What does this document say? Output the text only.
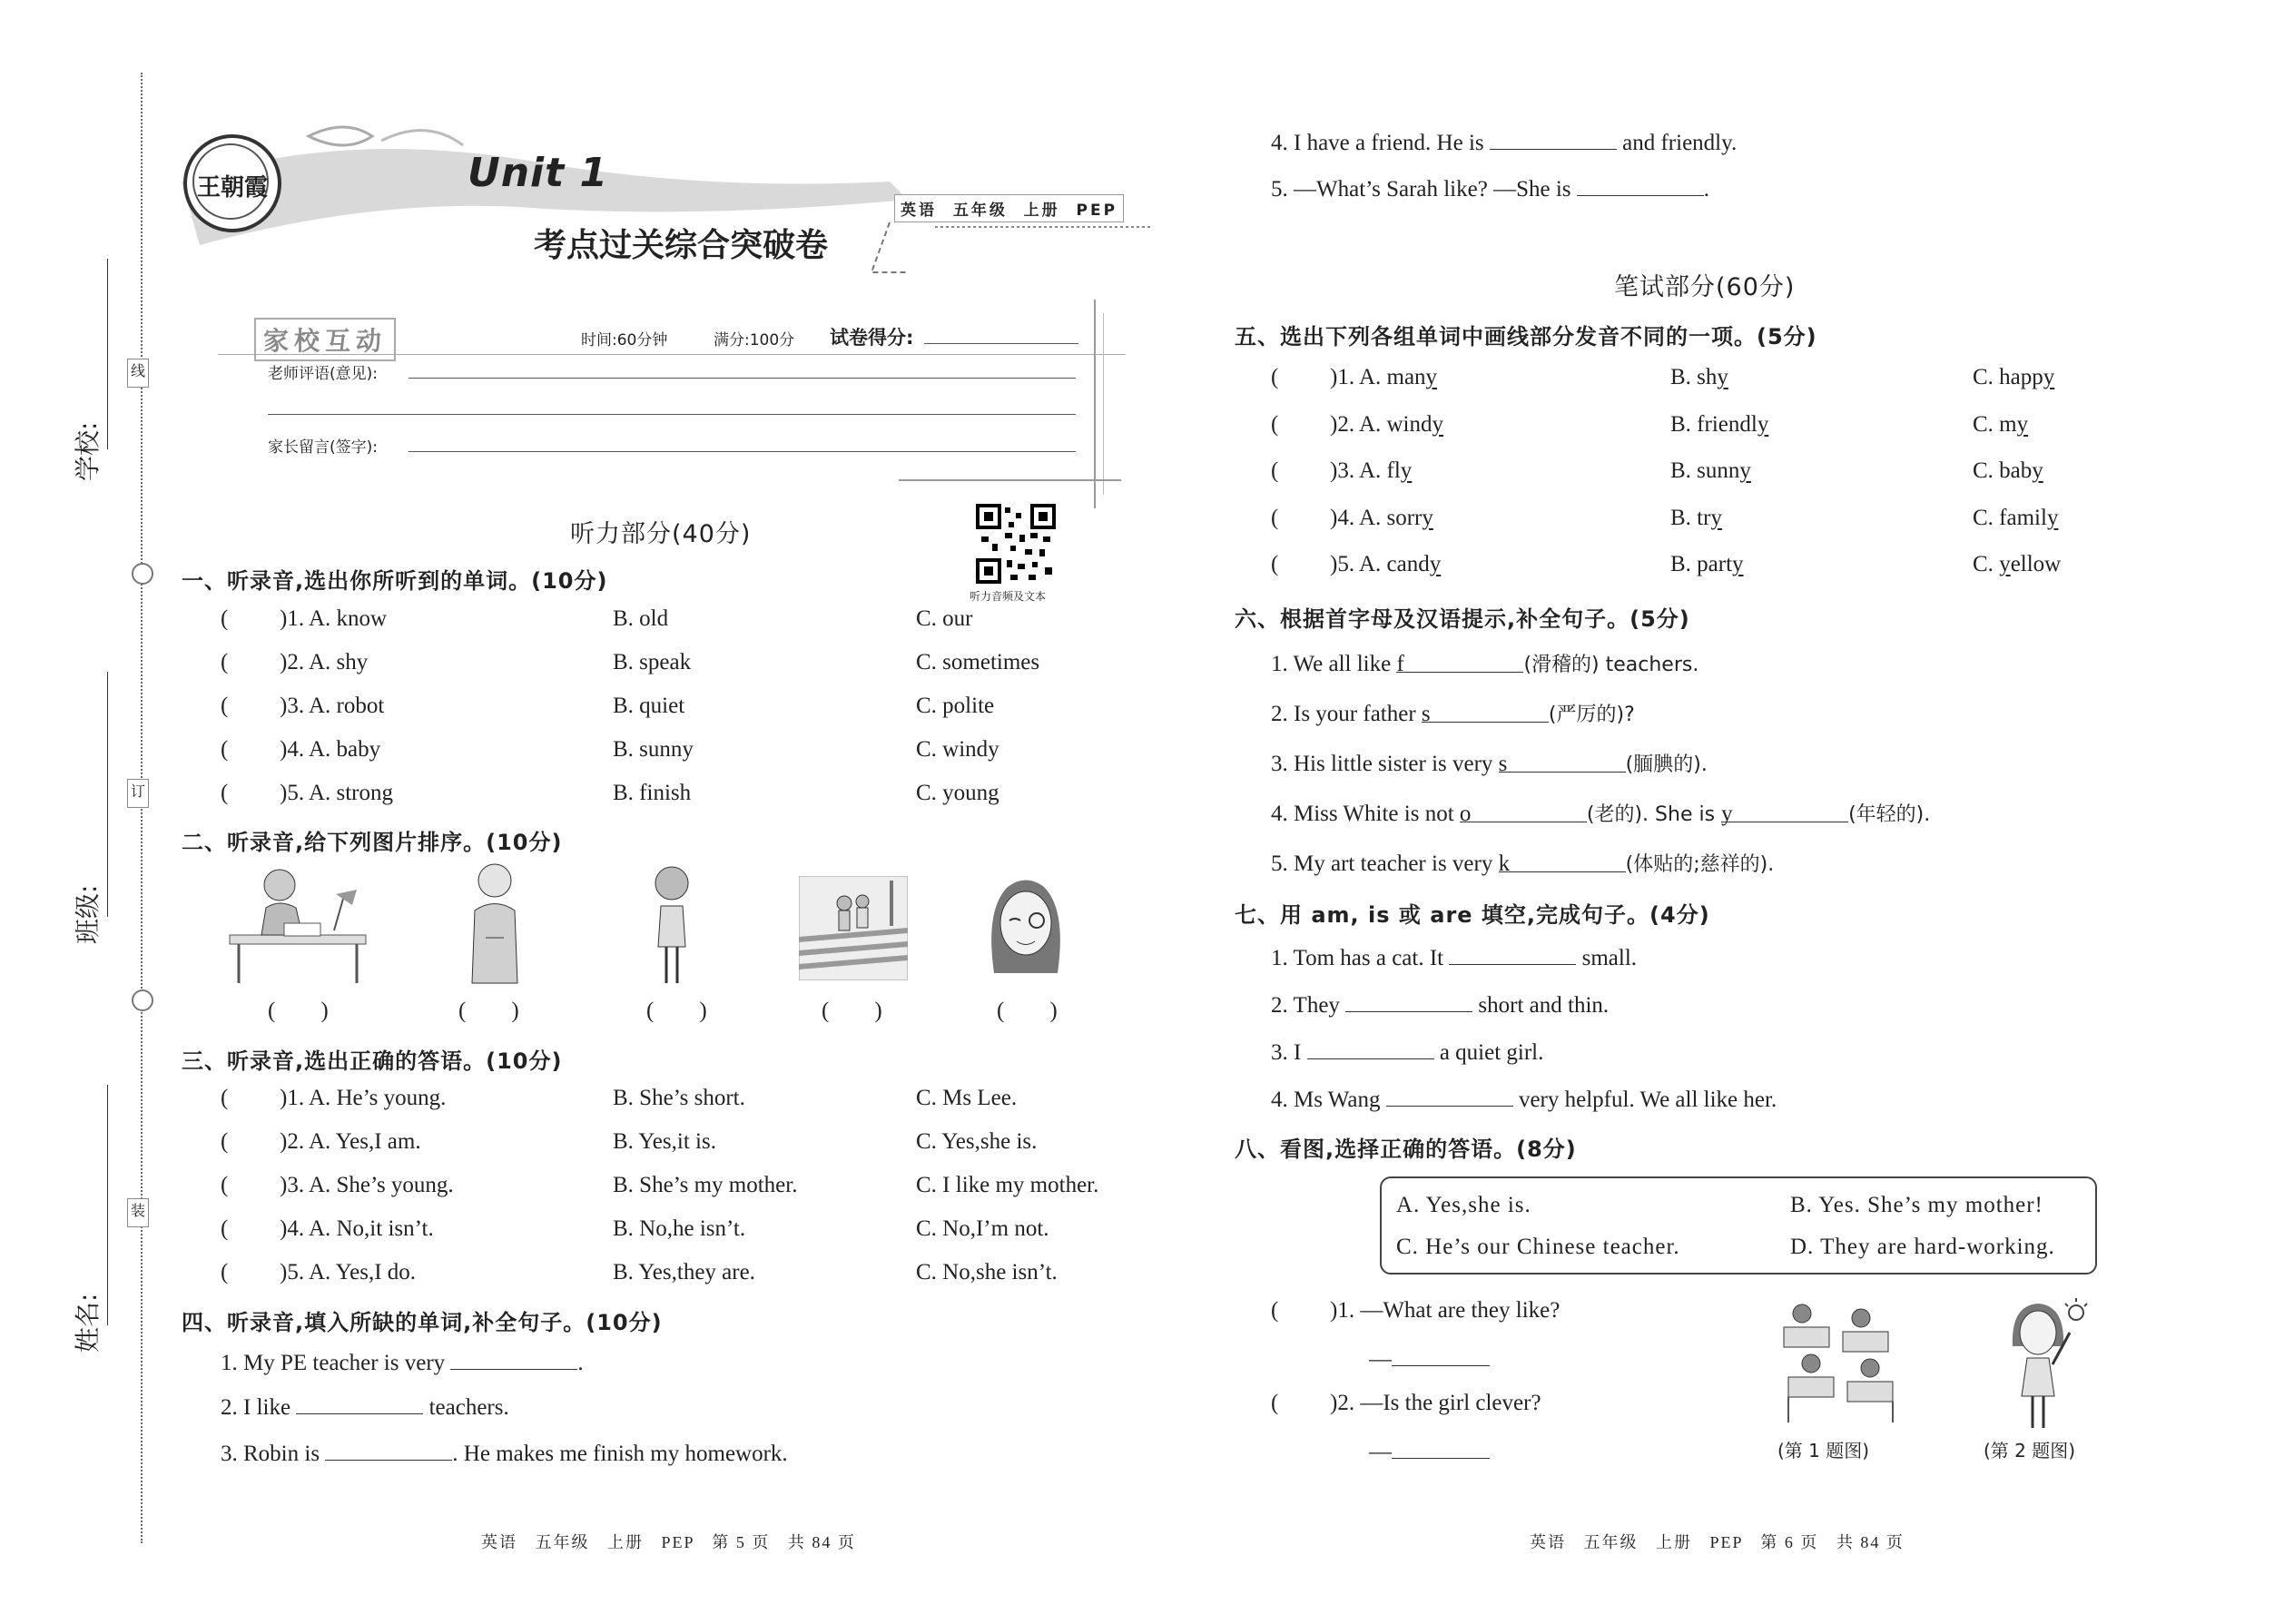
线
订
装
学校:
班级:
姓名:
王朝霞	Unit 1
考点过关综合突破卷
英语  五年级  上册  PEP
家校互动	时间:60分钟	满分:100分 试卷得分:
老师评语(意见):
家长留言(签字):
听力音频及文本
听力部分(40分)
一、听录音,选出你所听到的单词。(10分)
( )1. A. know	B. old	C. our
( )2. A. shy	B. speak	C. sometimes
( )3. A. robot	B. quiet	C. polite
( )4. A. baby	B. sunny	C. windy
( )5. A. strong	B. finish	C. young
二、听录音,给下列图片排序。(10分)
(        )	(        )	(        )	(        )	(        )
三、听录音,选出正确的答语。(10分)
( )1. A. He’s young.	B. She’s short.	C. Ms Lee.
( )2. A. Yes,I am.	B. Yes,it is.	C. Yes,she is.
( )3. A. She’s young.	B. She’s my mother.	C. I like my mother.
( )4. A. No,it isn’t.	B. No,he isn’t.	C. No,I’m not.
( )5. A. Yes,I do.	B. Yes,they are.	C. No,she isn’t.
四、听录音,填入所缺的单词,补全句子。(10分)
1. My PE teacher is very	.
2. I like	teachers.
3. Robin is	. He makes me finish my homework.
英语   五年级   上册   PEP   第 5 页   共 84 页
4. I have a friend. He is	and friendly.
5. —What’s Sarah like? —She is	.
笔试部分(60分)
五、选出下列各组单词中画线部分发音不同的一项。(5分)
( )1. A. many	B. shy	C. happy
( )2. A. windy	B. friendly	C. my
( )3. A. fly	B. sunny	C. baby
( )4. A. sorry	B. try	C. family
( )5. A. candy	B. party	C. yellow
六、根据首字母及汉语提示,补全句子。(5分)
1. We all like f	(滑稽的) teachers.
2. Is your father s	(严厉的)?
3. His little sister is very s	(腼腆的).
4. Miss White is not o	(老的). She is y	(年轻的).
5. My art teacher is very k	(体贴的;慈祥的).
七、用 am, is 或 are 填空,完成句子。(4分)
1. Tom has a cat. It	small.
2. They	short and thin.
3. I	a quiet girl.
4. Ms Wang	very helpful. We all like her.
八、看图,选择正确的答语。(8分)
A. Yes,she is.	B. Yes. She’s my mother!
C. He’s our Chinese teacher.	D. They are hard-working.
( )1. —What are they like?
—
( )2. —Is the girl clever?
—	(第 1 题图)	(第 2 题图)
英语   五年级   上册   PEP   第 6 页   共 84 页
